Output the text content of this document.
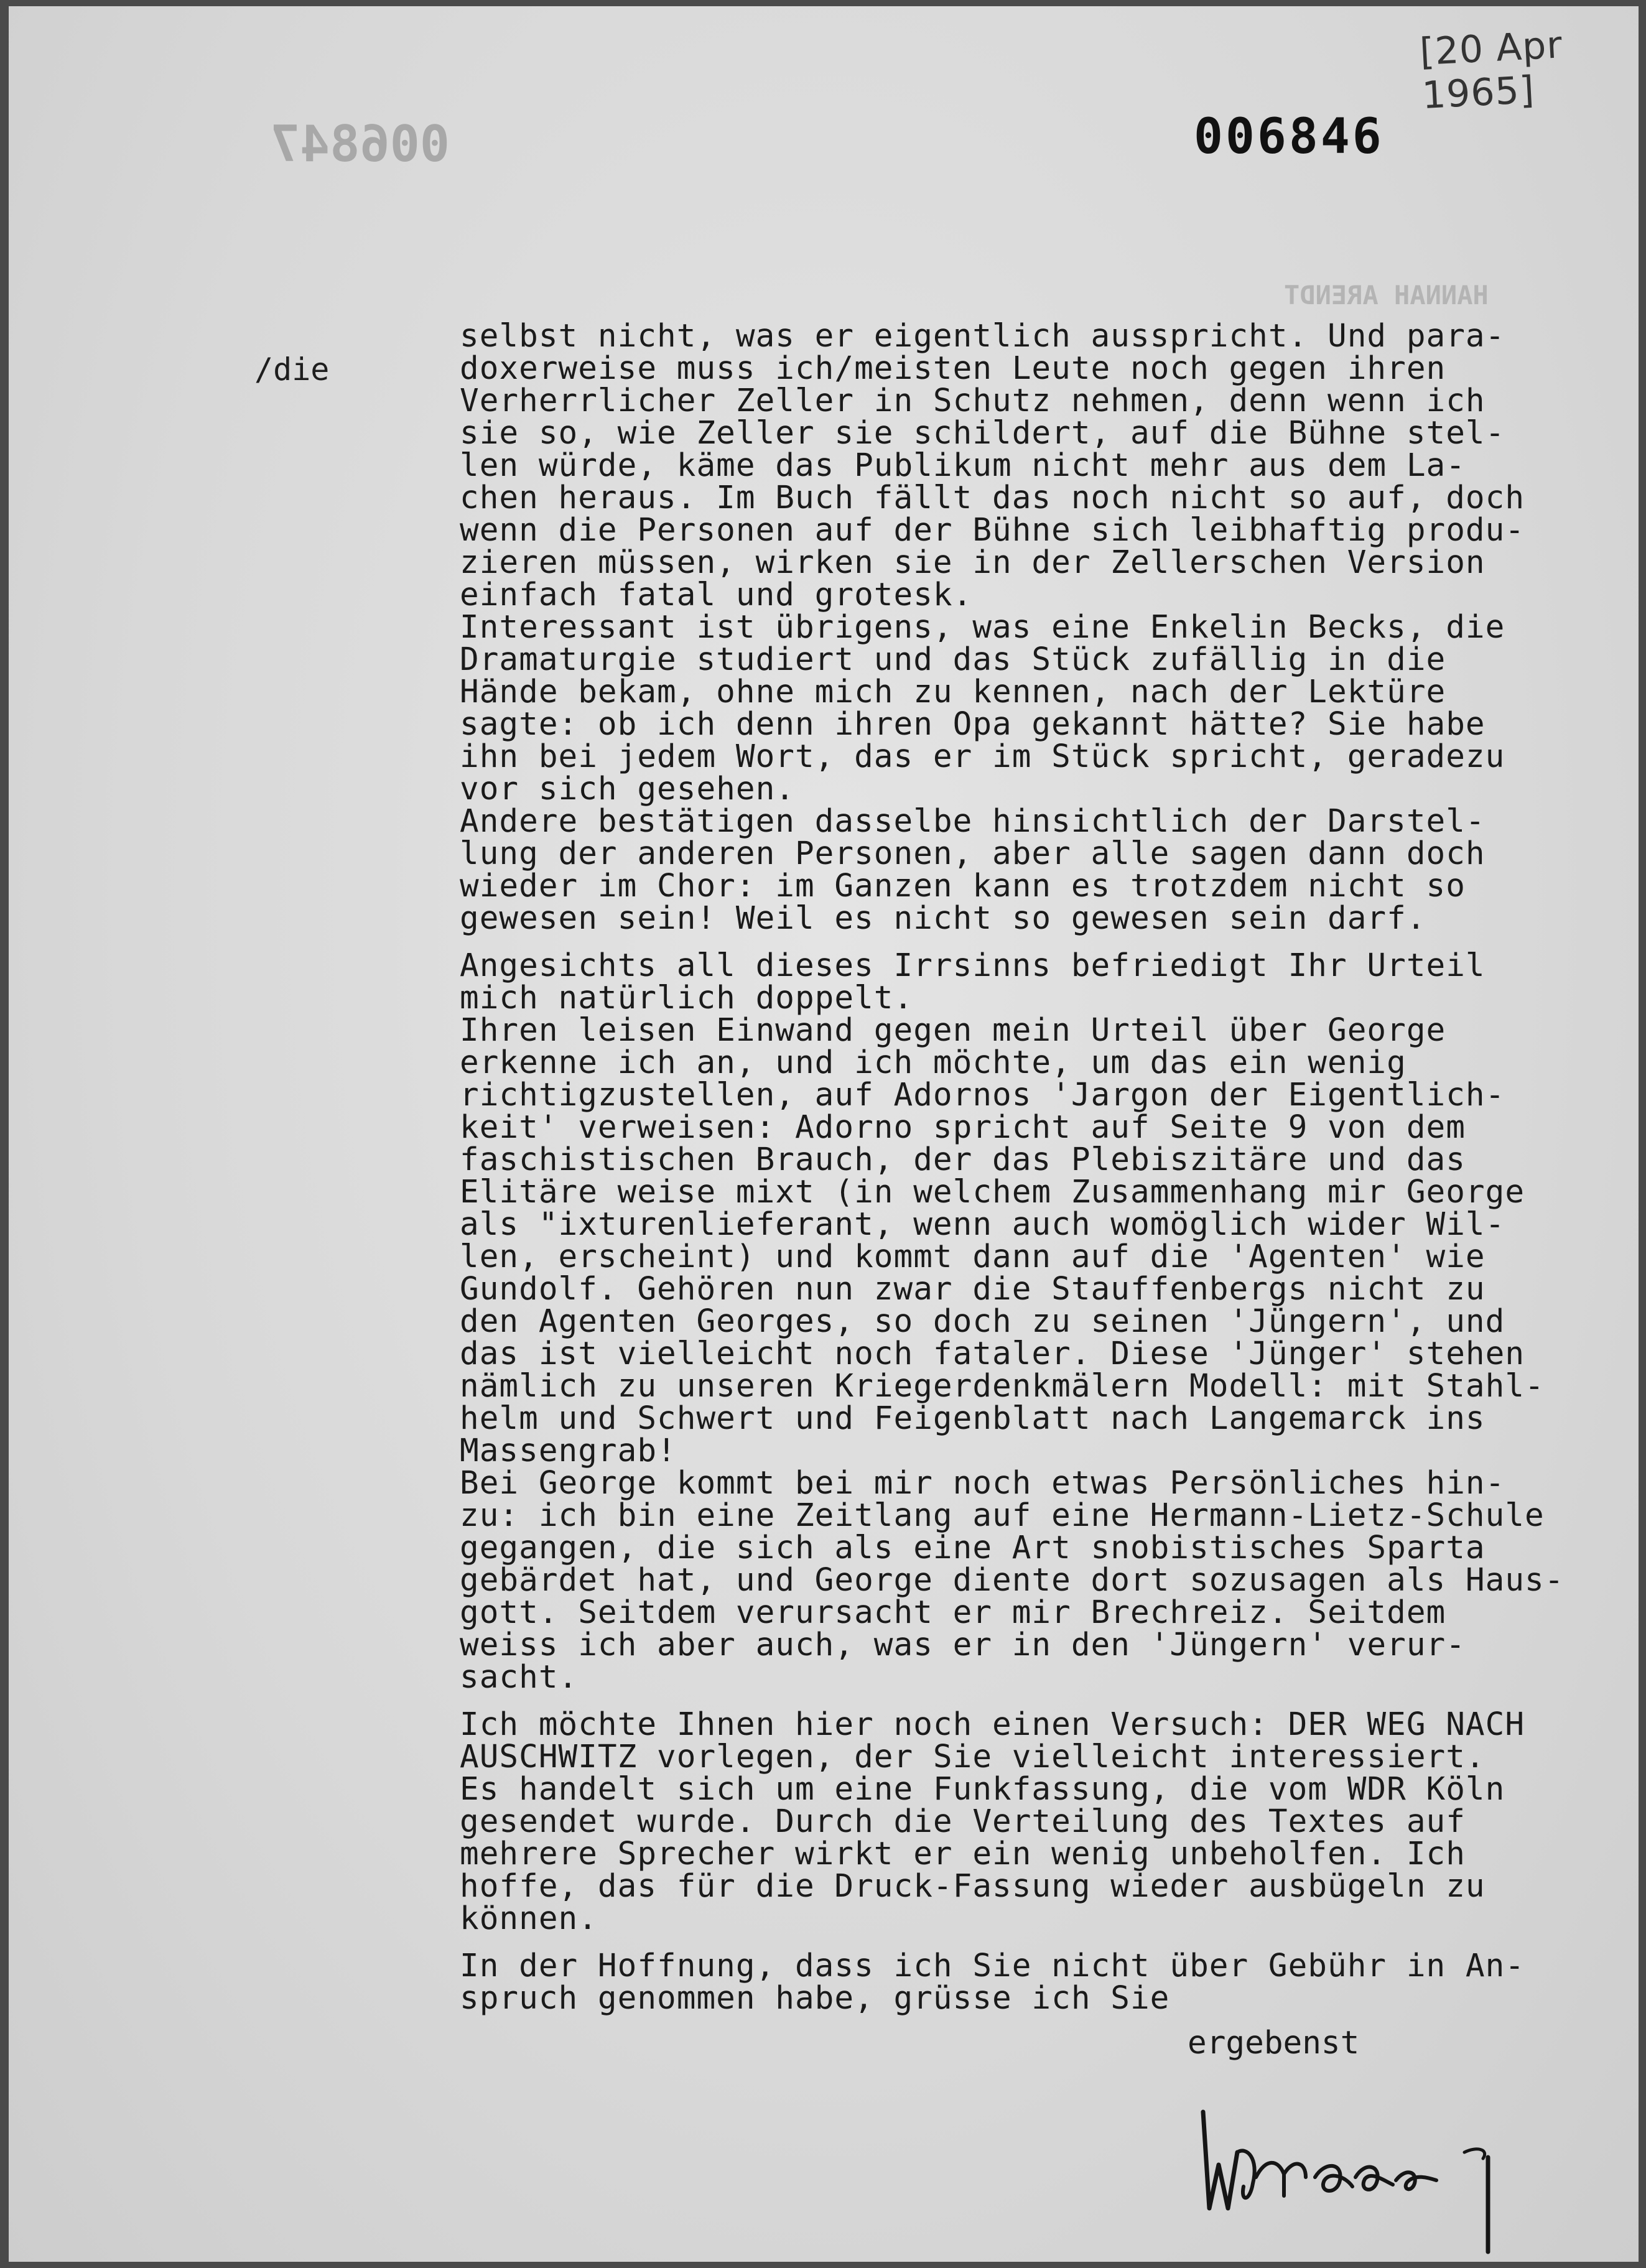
[20 Apr 1965]
006846
006847
HANNAH ARENDT
/die
selbst nicht, was er eigentlich ausspricht. Und para-
doxerweise muss ich/meisten Leute noch gegen ihren
Verherrlicher Zeller in Schutz nehmen, denn wenn ich
sie so, wie Zeller sie schildert, auf die Bühne stel-
len würde, käme das Publikum nicht mehr aus dem La-
chen heraus. Im Buch fällt das noch nicht so auf, doch
wenn die Personen auf der Bühne sich leibhaftig produ-
zieren müssen, wirken sie in der Zellerschen Version
einfach fatal und grotesk.
Interessant ist übrigens, was eine Enkelin Becks, die
Dramaturgie studiert und das Stück zufällig in die
Hände bekam, ohne mich zu kennen, nach der Lektüre
sagte: ob ich denn ihren Opa gekannt hätte? Sie habe
ihn bei jedem Wort, das er im Stück spricht, geradezu
vor sich gesehen.
Andere bestätigen dasselbe hinsichtlich der Darstel-
lung der anderen Personen, aber alle sagen dann doch
wieder im Chor: im Ganzen kann es trotzdem nicht so
gewesen sein! Weil es nicht so gewesen sein darf.
Angesichts all dieses Irrsinns befriedigt Ihr Urteil
mich natürlich doppelt.
Ihren leisen Einwand gegen mein Urteil über George
erkenne ich an, und ich möchte, um das ein wenig
richtigzustellen, auf Adornos 'Jargon der Eigentlich-
keit' verweisen: Adorno spricht auf Seite 9 von dem
faschistischen Brauch, der das Plebiszitäre und das
Elitäre weise mixt (in welchem Zusammenhang mir George
als "ixturenlieferant, wenn auch womöglich wider Wil-
len, erscheint) und kommt dann auf die 'Agenten' wie
Gundolf. Gehören nun zwar die Stauffenbergs nicht zu
den Agenten Georges, so doch zu seinen 'Jüngern', und
das ist vielleicht noch fataler. Diese 'Jünger' stehen
nämlich zu unseren Kriegerdenkmälern Modell: mit Stahl-
helm und Schwert und Feigenblatt nach Langemarck ins
Massengrab!
Bei George kommt bei mir noch etwas Persönliches hin-
zu: ich bin eine Zeitlang auf eine Hermann-Lietz-Schule
gegangen, die sich als eine Art snobistisches Sparta
gebärdet hat, und George diente dort sozusagen als Haus-
gott. Seitdem verursacht er mir Brechreiz. Seitdem
weiss ich aber auch, was er in den 'Jüngern' verur-
sacht.
Ich möchte Ihnen hier noch einen Versuch: DER WEG NACH
AUSCHWITZ vorlegen, der Sie vielleicht interessiert.
Es handelt sich um eine Funkfassung, die vom WDR Köln
gesendet wurde. Durch die Verteilung des Textes auf
mehrere Sprecher wirkt er ein wenig unbeholfen. Ich
hoffe, das für die Druck-Fassung wieder ausbügeln zu
können.
In der Hoffnung, dass ich Sie nicht über Gebühr in An-
spruch genommen habe, grüsse ich Sie
ergebenst
